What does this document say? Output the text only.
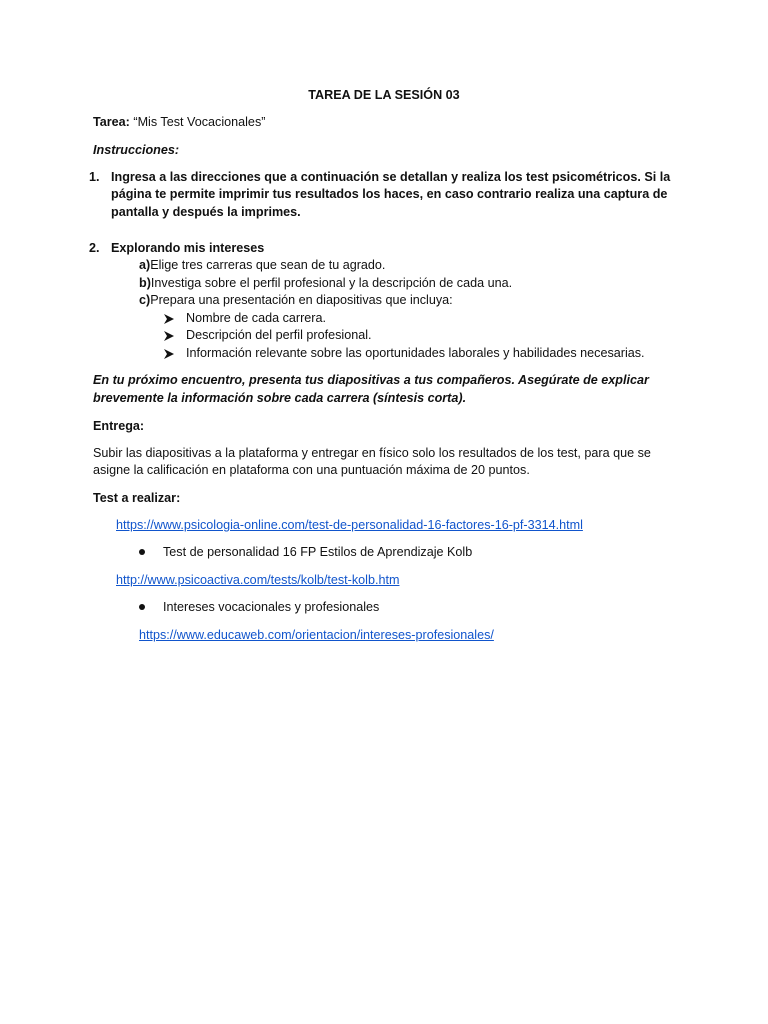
TAREA DE LA SESIÓN 03
Tarea: “Mis Test Vocacionales”
Instrucciones:
1. Ingresa a las direcciones que a continuación se detallan y realiza los test psicométricos. Si la
página te permite imprimir tus resultados los haces, en caso contrario realiza una captura de
pantalla y después la imprimes.
2. Explorando mis intereses
a)Elige tres carreras que sean de tu agrado.
b)Investiga sobre el perfil profesional y la descripción de cada una.
c)Prepara una presentación en diapositivas que incluya:
Nombre de cada carrera.
Descripción del perfil profesional.
Información relevante sobre las oportunidades laborales y habilidades necesarias.
En tu próximo encuentro, presenta tus diapositivas a tus compañeros. Asegúrate de explicar
brevemente la información sobre cada carrera (síntesis corta).
Entrega:
Subir las diapositivas a la plataforma y entregar en físico solo los resultados de los test, para que se
asigne la calificación en plataforma con una puntuación máxima de 20 puntos.
Test a realizar:
https://www.psicologia-online.com/test-de-personalidad-16-factores-16-pf-3314.html
Test de personalidad 16 FP Estilos de Aprendizaje Kolb
http://www.psicoactiva.com/tests/kolb/test-kolb.htm
Intereses vocacionales y profesionales
https://www.educaweb.com/orientacion/intereses-profesionales/
